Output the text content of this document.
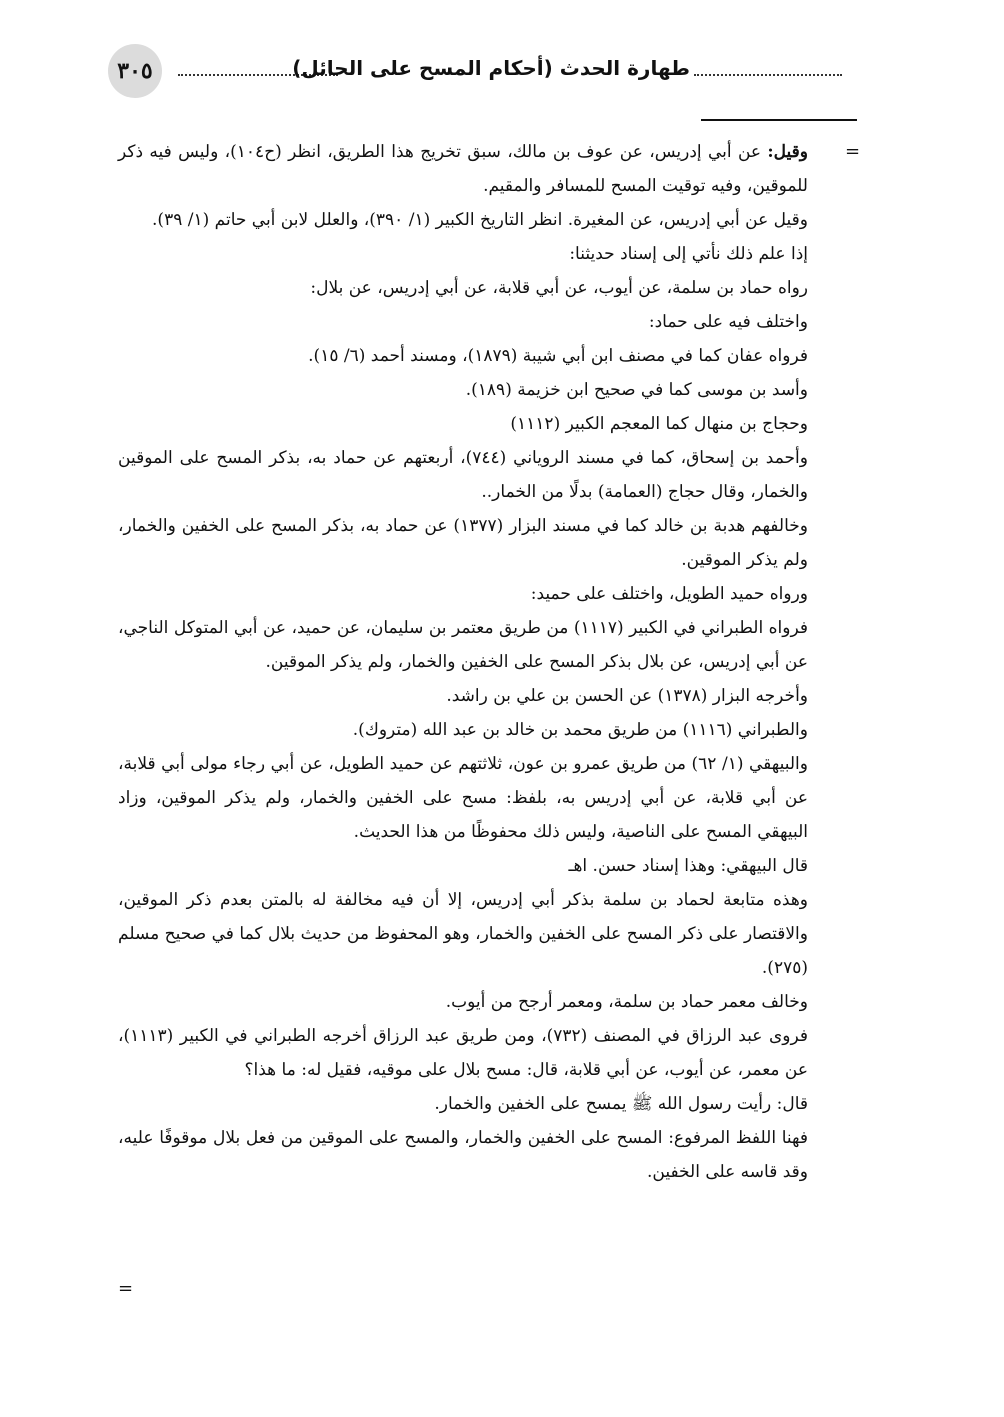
٣٠٥	طهارة الحدث (أحكام المسح على الحائل)
=

وقيل: عن أبي إدريس، عن عوف بن مالك، سبق تخريج هذا الطريق، انظر (ح١٠٤)، وليس فيه ذكر للموقين، وفيه توقيت المسح للمسافر والمقيم.

وقيل عن أبي إدريس، عن المغيرة. انظر التاريخ الكبير (١/ ٣٩٠)، والعلل لابن أبي حاتم (١/ ٣٩).

إذا علم ذلك نأتي إلى إسناد حديثنا:

رواه حماد بن سلمة، عن أيوب، عن أبي قلابة، عن أبي إدريس، عن بلال:

واختلف فيه على حماد:

فرواه عفان كما في مصنف ابن أبي شيبة (١٨٧٩)، ومسند أحمد (٦/ ١٥).

وأسد بن موسى كما في صحيح ابن خزيمة (١٨٩).

وحجاج بن منهال كما المعجم الكبير (١١١٢)

وأحمد بن إسحاق، كما في مسند الروياني (٧٤٤)، أربعتهم عن حماد به، بذكر المسح على الموقين والخمار، وقال حجاج (العمامة) بدلًا من الخمار..

وخالفهم هدبة بن خالد كما في مسند البزار (١٣٧٧) عن حماد به، بذكر المسح على الخفين والخمار، ولم يذكر الموقين.

ورواه حميد الطويل، واختلف على حميد:

فرواه الطبراني في الكبير (١١١٧) من طريق معتمر بن سليمان، عن حميد، عن أبي المتوكل الناجي، عن أبي إدريس، عن بلال بذكر المسح على الخفين والخمار، ولم يذكر الموقين.

وأخرجه البزار (١٣٧٨) عن الحسن بن علي بن راشد.

والطبراني (١١١٦) من طريق محمد بن خالد بن عبد الله (متروك).

والبيهقي (١/ ٦٢) من طريق عمرو بن عون، ثلاثتهم عن حميد الطويل، عن أبي رجاء مولى أبي قلابة، عن أبي قلابة، عن أبي إدريس به، بلفظ: مسح على الخفين والخمار، ولم يذكر الموقين، وزاد البيهقي المسح على الناصية، وليس ذلك محفوظًا من هذا الحديث.

قال البيهقي: وهذا إسناد حسن. اهـ

وهذه متابعة لحماد بن سلمة بذكر أبي إدريس، إلا أن فيه مخالفة له بالمتن بعدم ذكر الموقين، والاقتصار على ذكر المسح على الخفين والخمار، وهو المحفوظ من حديث بلال كما في صحيح مسلم (٢٧٥).

وخالف معمر حماد بن سلمة، ومعمر أرجح من أيوب.

فروى عبد الرزاق في المصنف (٧٣٢)، ومن طريق عبد الرزاق أخرجه الطبراني في الكبير (١١١٣)، عن معمر، عن أيوب، عن أبي قلابة، قال: مسح بلال على موقيه، فقيل له: ما هذا؟

قال: رأيت رسول الله ﷺ يمسح على الخفين والخمار.

فهنا اللفظ المرفوع: المسح على الخفين والخمار، والمسح على الموقين من فعل بلال موقوفًا عليه، وقد قاسه على الخفين.

=
